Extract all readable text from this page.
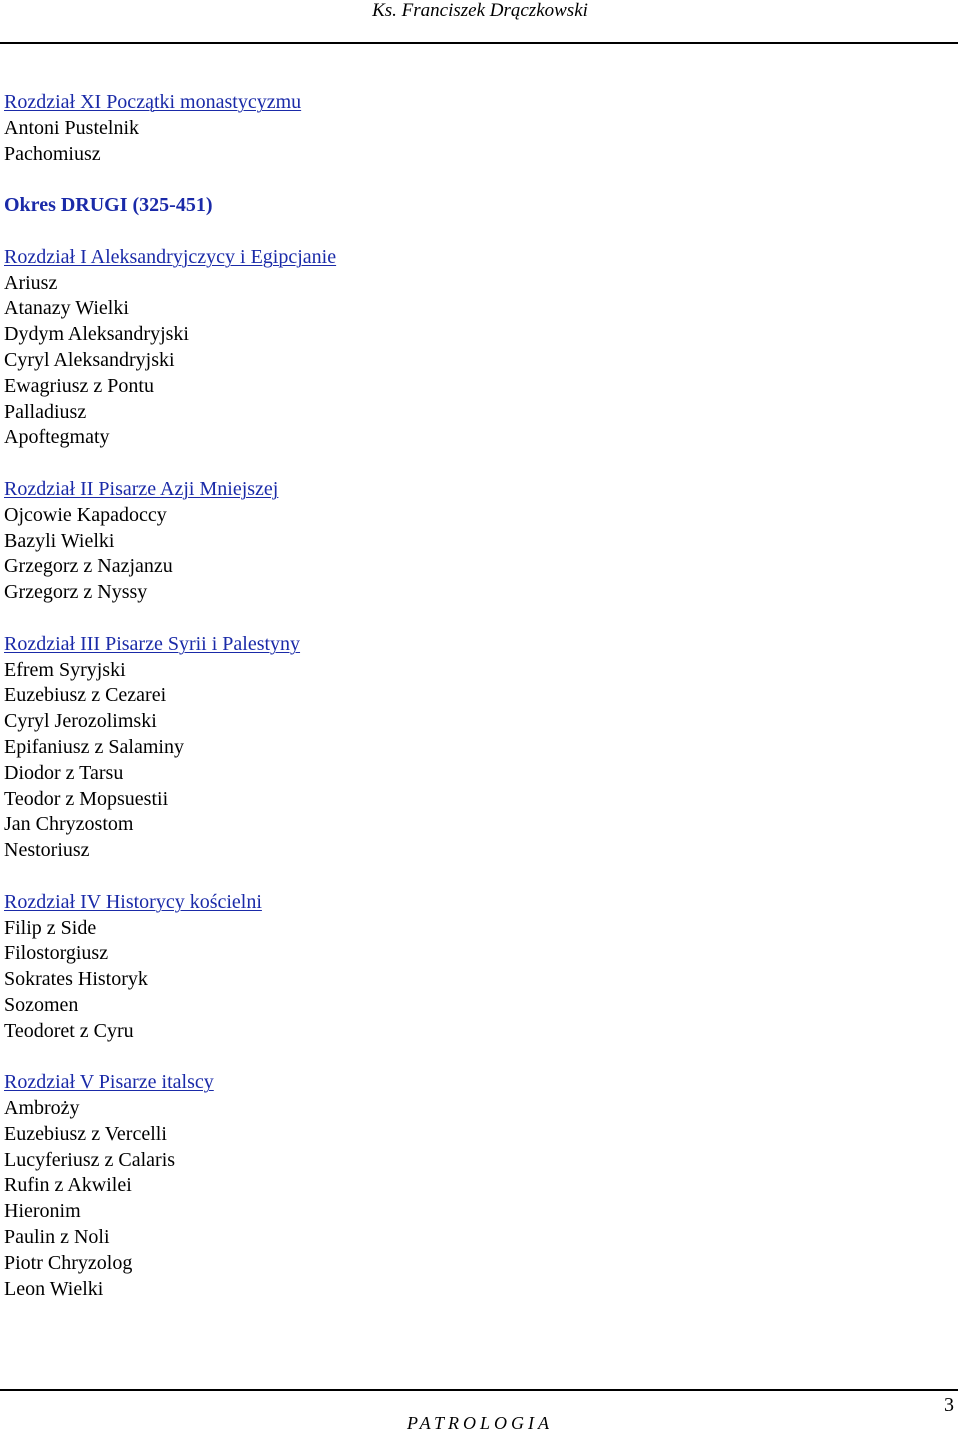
Ks. Franciszek Drączkowski
Rozdział XI Początki monastycyzmu
Antoni Pustelnik
Pachomiusz
Okres DRUGI (325-451)
Rozdział I Aleksandryjczycy i Egipcjanie
Ariusz
Atanazy Wielki
Dydym Aleksandryjski
Cyryl Aleksandryjski
Ewagriusz z Pontu
Palladiusz
Apoftegmaty
Rozdział II Pisarze Azji Mniejszej
Ojcowie Kapadoccy
Bazyli Wielki
Grzegorz z Nazjanzu
Grzegorz z Nyssy
Rozdział III Pisarze Syrii i Palestyny
Efrem Syryjski
Euzebiusz z Cezarei
Cyryl Jerozolimski
Epifaniusz z Salaminy
Diodor z Tarsu
Teodor z Mopsuestii
Jan Chryzostom
Nestoriusz
Rozdział IV Historycy kościelni
Filip z Side
Filostorgiusz
Sokrates Historyk
Sozomen
Teodoret z Cyru
Rozdział V Pisarze italscy
Ambroży
Euzebiusz z Vercelli
Lucyferiusz z Calaris
Rufin z Akwilei
Hieronim
Paulin z Noli
Piotr Chryzolog
Leon Wielki
3
PATROLOGIA
